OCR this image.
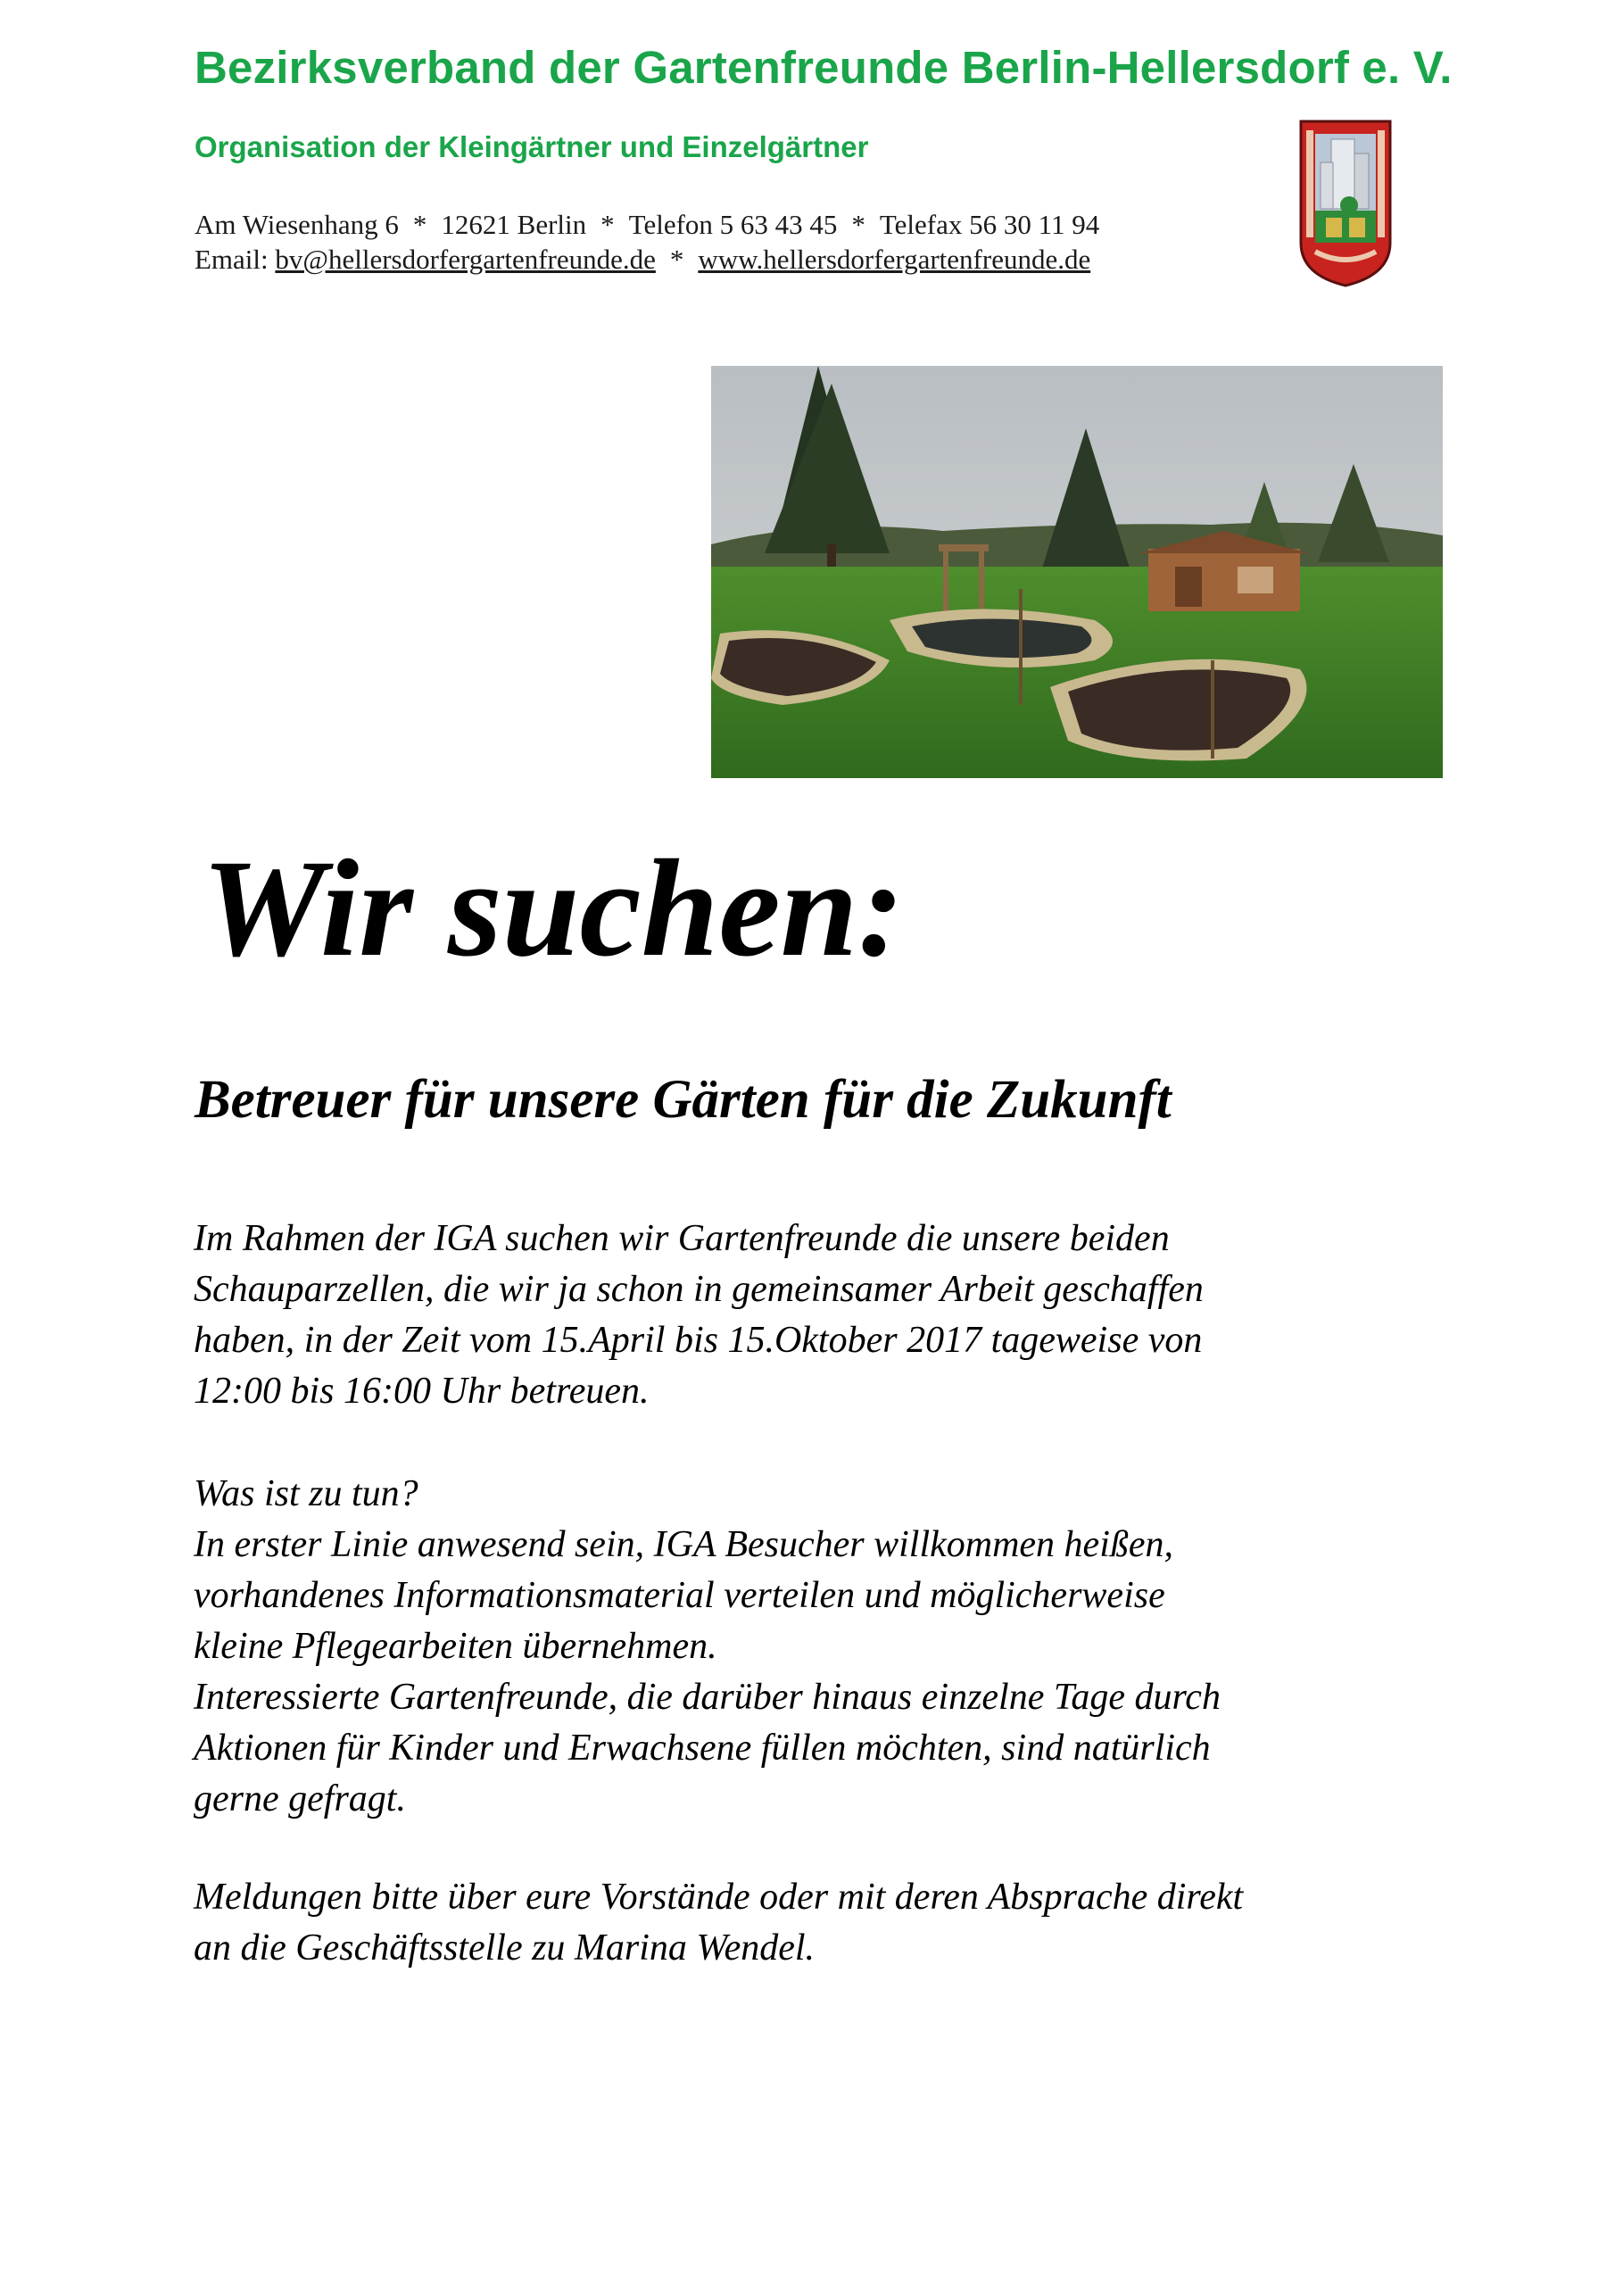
Bezirksverband der Gartenfreunde Berlin-Hellersdorf e. V.
Organisation der Kleingärtner und Einzelgärtner
Am Wiesenhang 6 * 12621 Berlin * Telefon 5 63 43 45 * Telefax 56 30 11 94
Email: bv@hellersdorfergartenfreunde.de * www.hellersdorfergartenfreunde.de
Wir suchen:
Betreuer für unsere Gärten für die Zukunft

Im Rahmen der IGA suchen wir Gartenfreunde die unsere beiden

Schauparzellen, die wir ja schon in gemeinsamer Arbeit geschaffen

haben, in der Zeit vom 15.April bis 15.Oktober 2017 tageweise von

12:00 bis 16:00 Uhr betreuen.

Was ist zu tun?

In erster Linie anwesend sein, IGA Besucher willkommen heißen,

vorhandenes Informationsmaterial verteilen und möglicherweise

kleine Pflegearbeiten übernehmen.

Interessierte Gartenfreunde, die darüber hinaus einzelne Tage durch

Aktionen für Kinder und Erwachsene füllen möchten, sind natürlich

gerne gefragt.

Meldungen bitte über eure Vorstände oder mit deren Absprache direkt

an die Geschäftsstelle zu Marina Wendel.
